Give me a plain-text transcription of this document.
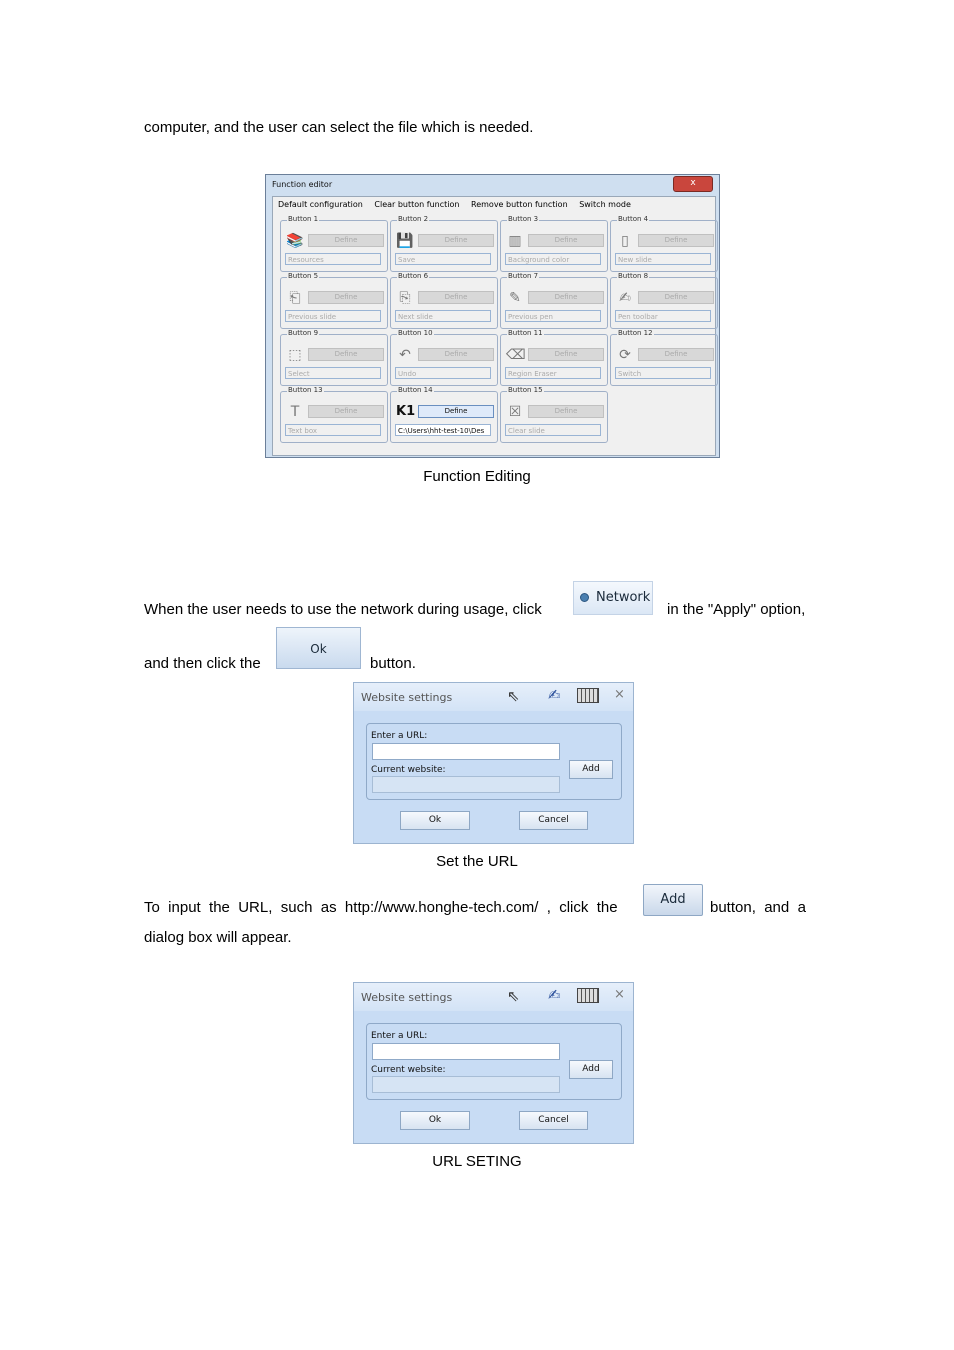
computer, and the user can select the file which is needed.
Function editor	x
Default configuration Clear button function Remove button function Switch mode
Button 1
📚	Define
Resources
Button 2
💾	Define
Save
Button 3
▥	Define
Background color
Button 4
▯	Define
New slide
Button 5
⎗	Define
Previous slide
Button 6
⎘	Define
Next slide
Button 7
✎	Define
Previous pen
Button 8
✍	Define
Pen toolbar
Button 9
⬚	Define
Select
Button 10
↶	Define
Undo
Button 11
⌫	Define
Region Eraser
Button 12
⟳	Define
Switch
Button 13
T	Define
Text box
Button 14
K1	Define
C:\Users\hht-test-10\Des
Button 15
☒	Define
Clear slide
Function Editing
When the user needs to use the network during usage, click
Network
in the "Apply" option,
and then click the
Ok
button.
Website settings	⇖ ✍	×
Enter a URL:
Current website:	Add
Ok	Cancel
Set the URL
To  input  the  URL,  such  as  http://www.honghe-tech.com/  ,  click  the	Add	button,  and  a
dialog box will appear.
Website settings	⇖ ✍	×
Enter a URL:
Current website:	Add
Ok	Cancel
URL SETING
